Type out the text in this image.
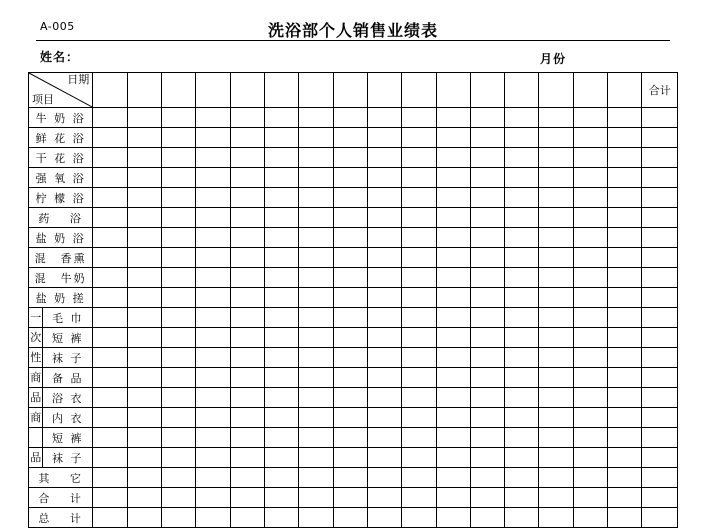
A-005	洗浴部个人销售业绩表
姓名：	月份
日期
项目																		合计
牛 奶 浴																		
鲜 花 浴																		
干 花 浴																		
强 氧 浴																		
柠 檬 浴																		
药　 浴																		
盐 奶 浴																		
混　香熏																		
混　牛奶																		
盐 奶 搓																		
一	毛 巾																	
次	短 裤																	
性	袜 子																	
商	备 品																	
品	浴 衣																	
商	内 衣																	
	短 裤																	
品	袜 子																	
其　 它																		
合　 计																		
总　 计																		
